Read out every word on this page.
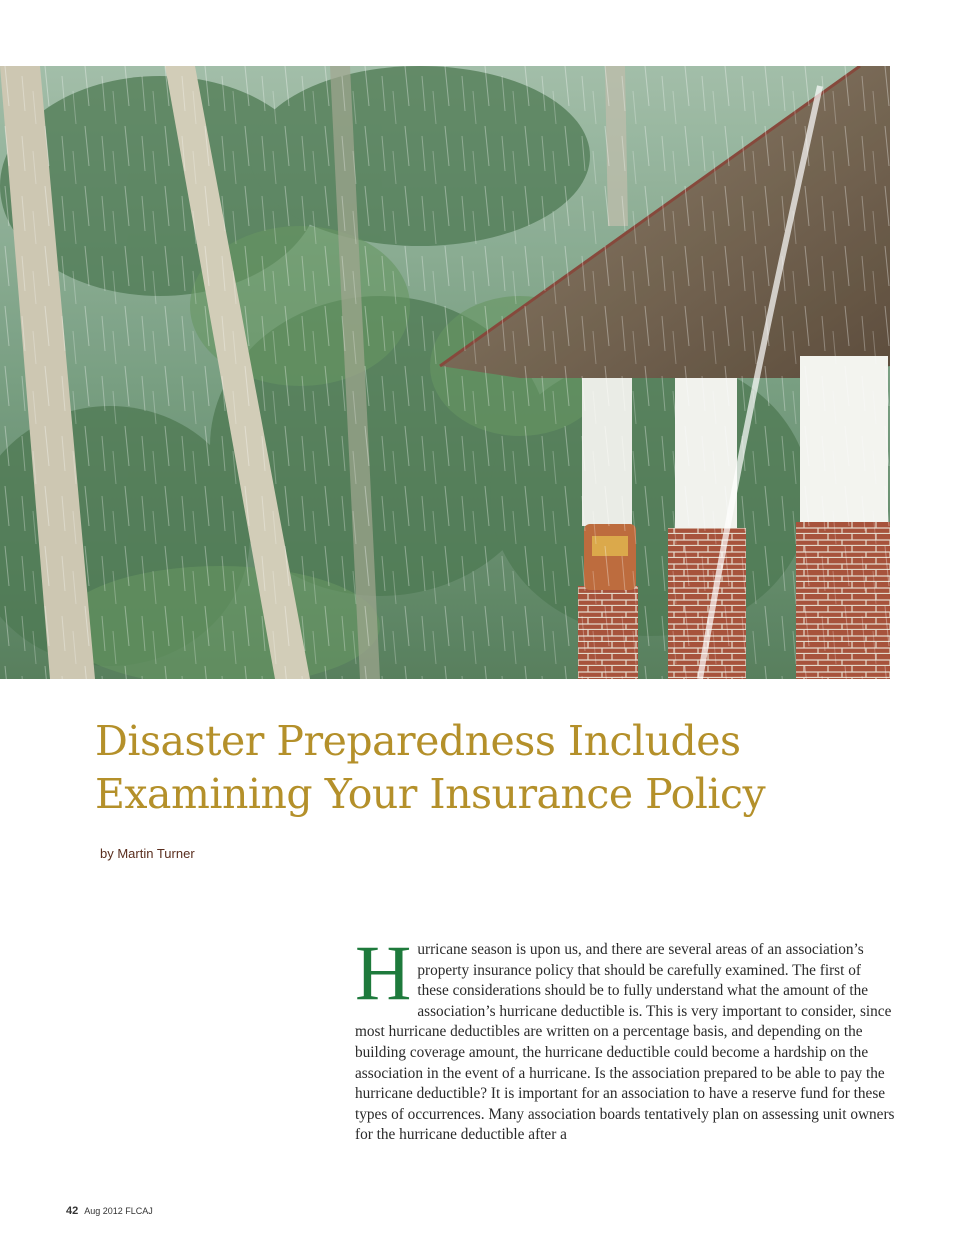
Disaster Preparedness Includes
Examining Your Insurance Policy
by Martin Turner
H urricane season is upon us, and there are several areas of an association’s property insurance policy that should be carefully examined. The first of these considerations should be to fully understand what the amount of the association’s hurricane deductible is. This is very important to consider, since most hurricane deductibles are written on a percentage basis, and depending on the building coverage amount, the hurricane deductible could become a hardship on the association in the event of a hurricane. Is the association prepared to be able to pay the hurricane deductible? It is important for an association to have a reserve fund for these types of occurrences. Many association boards tentatively plan on assessing unit owners for the hurricane deductible after a
42 Aug 2012 FLCAJ
